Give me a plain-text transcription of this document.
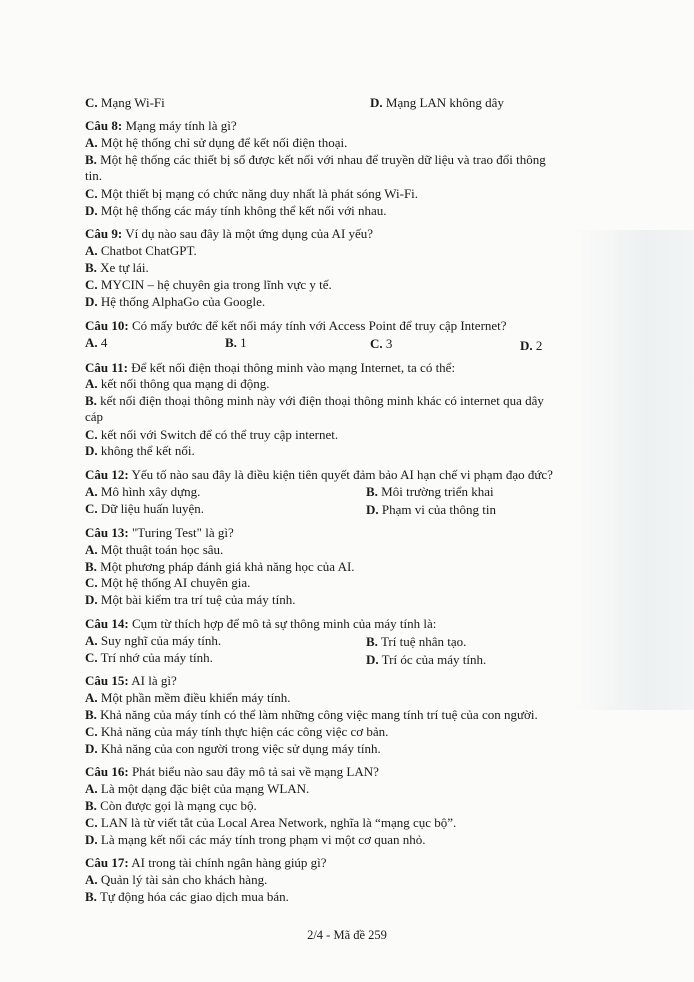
C. Mạng Wi-Fi	D. Mạng LAN không dây
Câu 8: Mạng máy tính là gì?
A. Một hệ thống chỉ sử dụng để kết nối điện thoại.
B. Một hệ thống các thiết bị số được kết nối với nhau để truyền dữ liệu và trao đổi thông
tin.
C. Một thiết bị mạng có chức năng duy nhất là phát sóng Wi-Fi.
D. Một hệ thống các máy tính không thể kết nối với nhau.
Câu 9: Ví dụ nào sau đây là một ứng dụng của AI yếu?
A. Chatbot ChatGPT.
B. Xe tự lái.
C. MYCIN – hệ chuyên gia trong lĩnh vực y tế.
D. Hệ thống AlphaGo của Google.
Câu 10: Có mấy bước để kết nối máy tính với Access Point để truy cập Internet?
A. 4	B. 1	C. 3	D. 2
Câu 11: Để kết nối điện thoại thông minh vào mạng Internet, ta có thể:
A. kết nối thông qua mạng di động.
B. kết nối điện thoại thông minh này với điện thoại thông minh khác có internet qua dây
cáp
C. kết nối với Switch để có thể truy cập internet.
D. không thể kết nối.
Câu 12: Yếu tố nào sau đây là điều kiện tiên quyết đảm bảo AI hạn chế vi phạm đạo đức?
A. Mô hình xây dựng.	B. Môi trường triển khai
C. Dữ liệu huấn luyện.	D. Phạm vi của thông tin
Câu 13: "Turing Test" là gì?
A. Một thuật toán học sâu.
B. Một phương pháp đánh giá khả năng học của AI.
C. Một hệ thống AI chuyên gia.
D. Một bài kiểm tra trí tuệ của máy tính.
Câu 14: Cụm từ thích hợp để mô tả sự thông minh của máy tính là:
A. Suy nghĩ của máy tính.	B. Trí tuệ nhân tạo.
C. Trí nhớ của máy tính.	D. Trí óc của máy tính.
Câu 15: AI là gì?
A. Một phần mềm điều khiển máy tính.
B. Khả năng của máy tính có thể làm những công việc mang tính trí tuệ của con người.
C. Khả năng của máy tính thực hiện các công việc cơ bản.
D. Khả năng của con người trong việc sử dụng máy tính.
Câu 16: Phát biểu nào sau đây mô tả sai về mạng LAN?
A. Là một dạng đặc biệt của mạng WLAN.
B. Còn được gọi là mạng cục bộ.
C. LAN là từ viết tắt của Local Area Network, nghĩa là “mạng cục bộ”.
D. Là mạng kết nối các máy tính trong phạm vi một cơ quan nhỏ.
Câu 17: AI trong tài chính ngân hàng giúp gì?
A. Quản lý tài sản cho khách hàng.
B. Tự động hóa các giao dịch mua bán.
2/4 - Mã đề 259
